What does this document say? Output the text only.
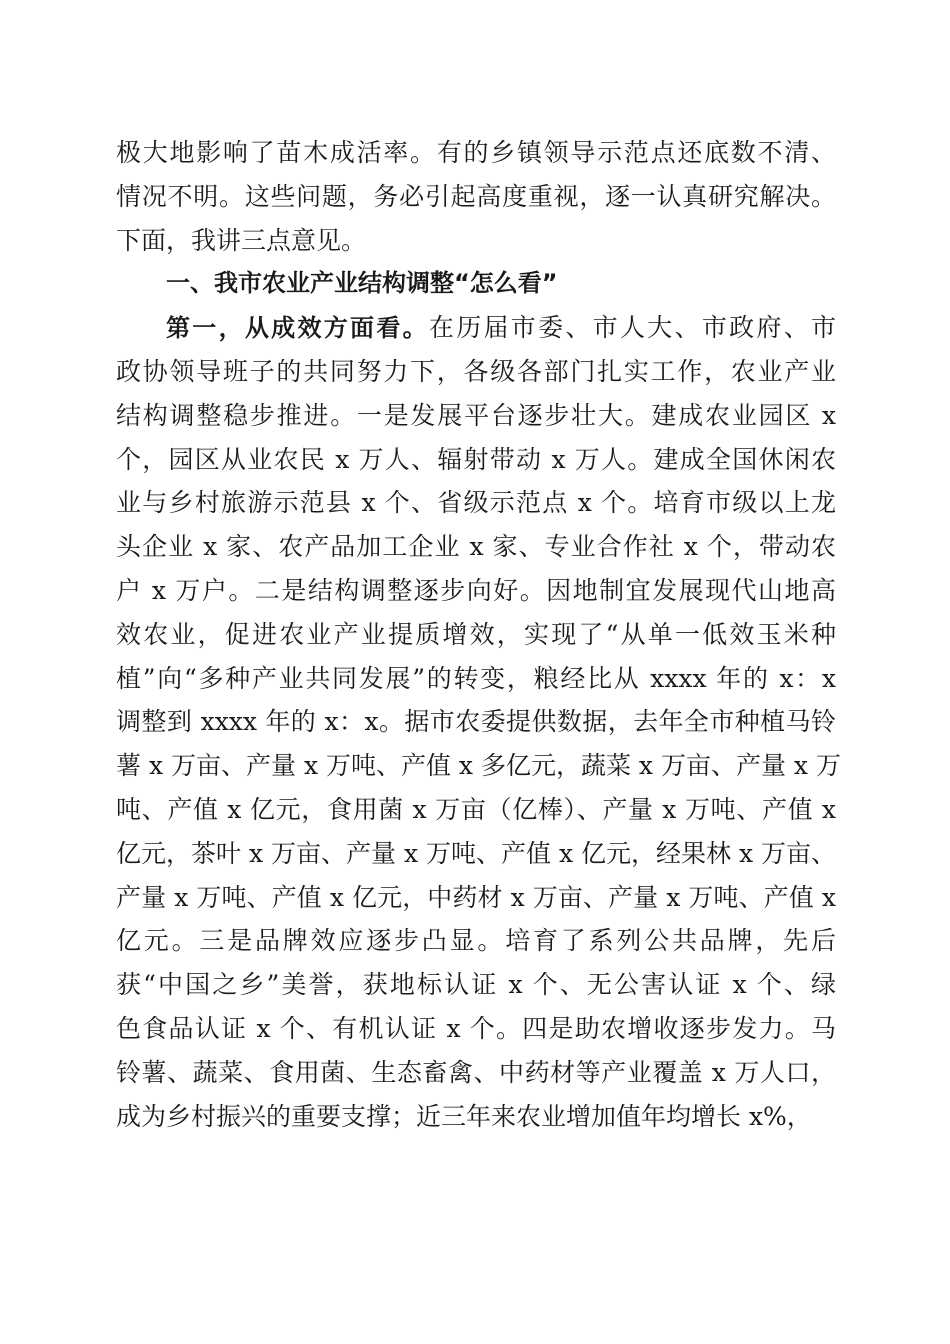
极大地影响了苗木成活率。有的乡镇领导示范点还底数不清、
情况不明。这些问题，务必引起高度重视，逐一认真研究解决。
下面，我讲三点意见。
一、我市农业产业结构调整“怎么看”
第一，从成效方面看。在历届市委、市人大、市政府、市
政协领导班子的共同努力下，各级各部门扎实工作，农业产业
结构调整稳步推进。一是发展平台逐步壮大。建成农业园区 x
个，园区从业农民 x 万人、辐射带动 x 万人。建成全国休闲农
业与乡村旅游示范县 x 个、省级示范点 x 个。培育市级以上龙
头企业 x 家、农产品加工企业 x 家、专业合作社 x 个，带动农
户 x 万户。二是结构调整逐步向好。因地制宜发展现代山地高
效农业，促进农业产业提质增效，实现了“从单一低效玉米种
植”向“多种产业共同发展”的转变，粮经比从 xxxx 年的 x：x
调整到 xxxx 年的 x：x。据市农委提供数据，去年全市种植马铃
薯 x 万亩、产量 x 万吨、产值 x 多亿元，蔬菜 x 万亩、产量 x 万
吨、产值 x 亿元，食用菌 x 万亩（亿棒）、产量 x 万吨、产值 x
亿元，茶叶 x 万亩、产量 x 万吨、产值 x 亿元，经果林 x 万亩、
产量 x 万吨、产值 x 亿元，中药材 x 万亩、产量 x 万吨、产值 x
亿元。三是品牌效应逐步凸显。培育了系列公共品牌，先后
获“中国之乡”美誉，获地标认证 x 个、无公害认证 x 个、绿
色食品认证 x 个、有机认证 x 个。四是助农增收逐步发力。马
铃薯、蔬菜、食用菌、生态畜禽、中药材等产业覆盖 x 万人口，
成为乡村振兴的重要支撑；近三年来农业增加值年均增长 x%，
